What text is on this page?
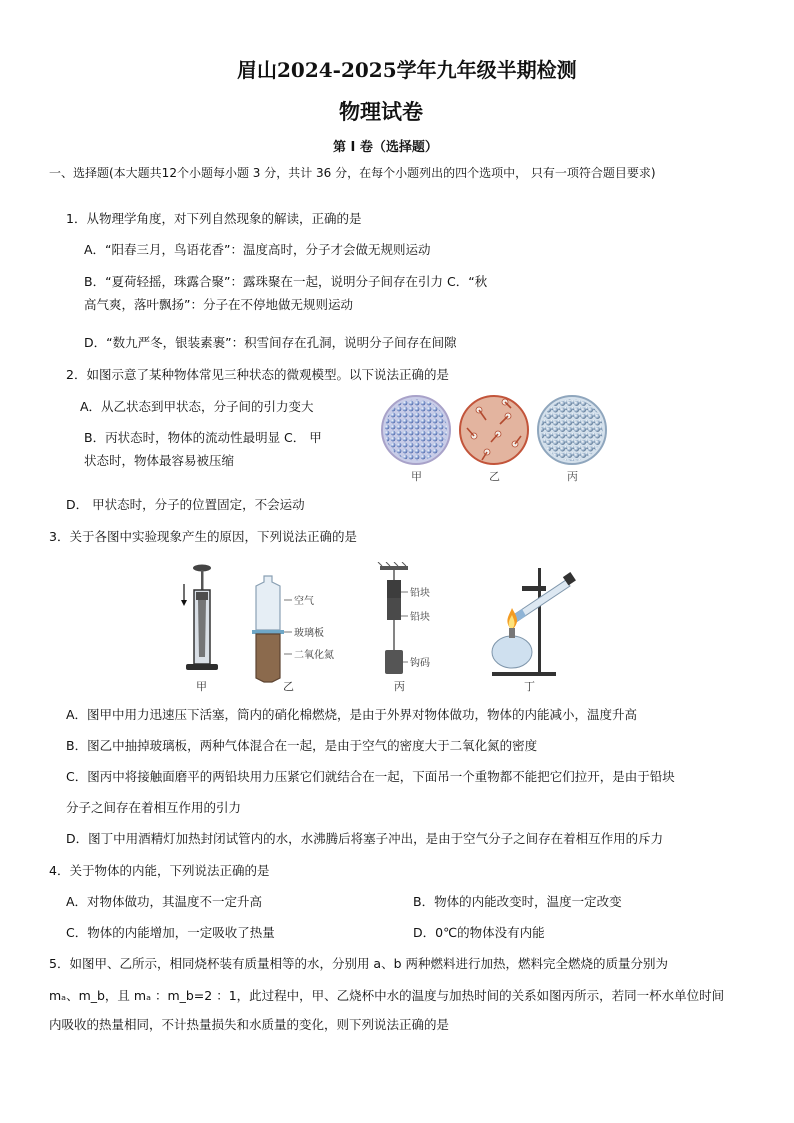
眉山2024-2025学年九年级半期检测
物理试卷
第 I 卷（选择题）
一、选择题(本大题共12个小题每小题 3 分，共计 36 分，在每个小题列出的四个选项中， 只有一项符合题目要求)
1．从物理学角度，对下列自然现象的解读，正确的是
A．“阳春三月，鸟语花香”：温度高时，分子才会做无规则运动
B．“夏荷轻摇，珠露合聚”：露珠聚在一起，说明分子间存在引力 C．“秋
高气爽，落叶飘扬”：分子在不停地做无规则运动
D．“数九严冬，银装素裹”：积雪间存在孔洞，说明分子间存在间隙
2．如图示意了某种物体常见三种状态的微观模型。以下说法正确的是
A．从乙状态到甲状态，分子间的引力变大
B．丙状态时，物体的流动性最明显 C． 甲
状态时，物体最容易被压缩
D． 甲状态时，分子的位置固定，不会运动
甲	乙	丙
3．关于各图中实验现象产生的原因，下列说法正确的是
甲
空气
玻璃板
二氧化氮
乙
铅块
铅块
钩码
丙	丁
A．图甲中用力迅速压下活塞，筒内的硝化棉燃烧，是由于外界对物体做功，物体的内能减小，温度升高
B．图乙中抽掉玻璃板，两种气体混合在一起，是由于空气的密度大于二氧化氮的密度
C．图丙中将接触面磨平的两铅块用力压紧它们就结合在一起，下面吊一个重物都不能把它们拉开，是由于铅块
分子之间存在着相互作用的引力
D．图丁中用酒精灯加热封闭试管内的水，水沸腾后将塞子冲出，是由于空气分子之间存在着相互作用的斥力
4．关于物体的内能，下列说法正确的是
A．对物体做功，其温度不一定升高	B．物体的内能改变时，温度一定改变
C．物体的内能增加，一定吸收了热量	D．0℃的物体没有内能
5．如图甲、乙所示，相同烧杯装有质量相等的水，分别用 a、b 两种燃料进行加热，燃料完全燃烧的质量分别为
mₐ、m_b，且 mₐ ：m_b=2 ：1，此过程中，甲、乙烧杯中水的温度与加热时间的关系如图丙所示，若同一杯水单位时间
内吸收的热量相同，不计热量损失和水质量的变化，则下列说法正确的是
